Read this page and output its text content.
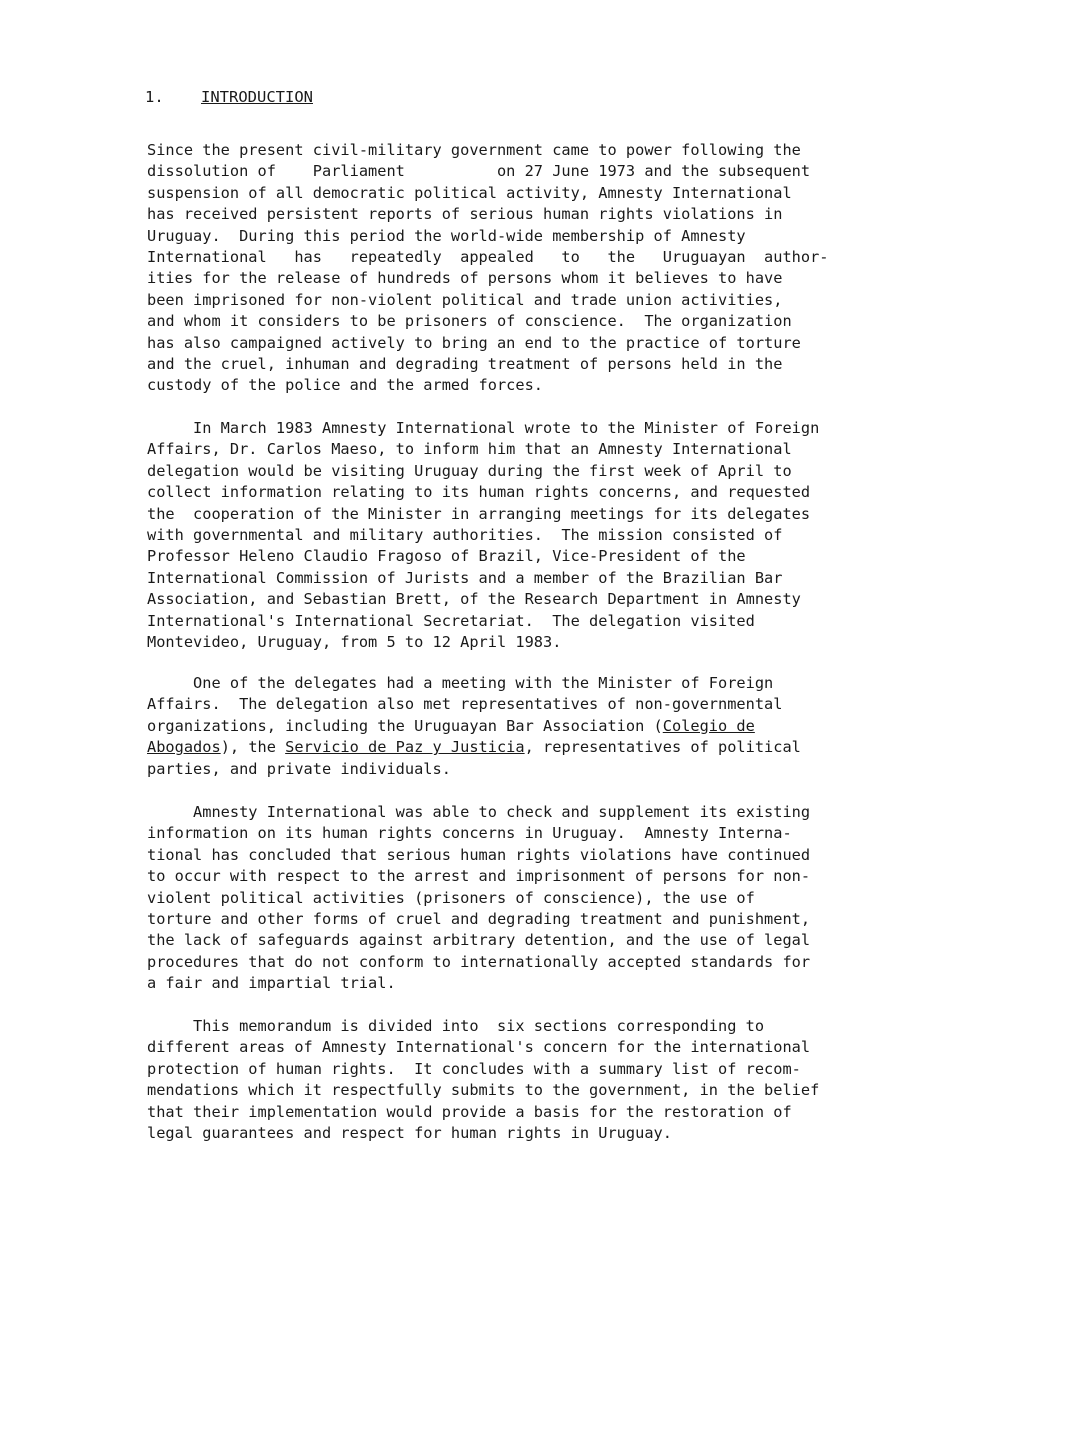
1. INTRODUCTION
Since the present civil-military government came to power following the
dissolution of    Parliament          on 27 June 1973 and the subsequent
suspension of all democratic political activity, Amnesty International
has received persistent reports of serious human rights violations in
Uruguay.  During this period the world-wide membership of Amnesty
International   has   repeatedly  appealed   to   the   Uruguayan  author-
ities for the release of hundreds of persons whom it believes to have
been imprisoned for non-violent political and trade union activities,
and whom it considers to be prisoners of conscience.  The organization
has also campaigned actively to bring an end to the practice of torture
and the cruel, inhuman and degrading treatment of persons held in the
custody of the police and the armed forces.
In March 1983 Amnesty International wrote to the Minister of Foreign
Affairs, Dr. Carlos Maeso, to inform him that an Amnesty International
delegation would be visiting Uruguay during the first week of April to
collect information relating to its human rights concerns, and requested
the  cooperation of the Minister in arranging meetings for its delegates
with governmental and military authorities.  The mission consisted of
Professor Heleno Claudio Fragoso of Brazil, Vice-President of the
International Commission of Jurists and a member of the Brazilian Bar
Association, and Sebastian Brett, of the Research Department in Amnesty
International's International Secretariat.  The delegation visited
Montevideo, Uruguay, from 5 to 12 April 1983.
One of the delegates had a meeting with the Minister of Foreign
Affairs.  The delegation also met representatives of non-governmental
organizations, including the Uruguayan Bar Association (Colegio de
Abogados), the Servicio de Paz y Justicia, representatives of political
parties, and private individuals.
Amnesty International was able to check and supplement its existing
information on its human rights concerns in Uruguay.  Amnesty Interna-
tional has concluded that serious human rights violations have continued
to occur with respect to the arrest and imprisonment of persons for non-
violent political activities (prisoners of conscience), the use of
torture and other forms of cruel and degrading treatment and punishment,
the lack of safeguards against arbitrary detention, and the use of legal
procedures that do not conform to internationally accepted standards for
a fair and impartial trial.
This memorandum is divided into  six sections corresponding to
different areas of Amnesty International's concern for the international
protection of human rights.  It concludes with a summary list of recom-
mendations which it respectfully submits to the government, in the belief
that their implementation would provide a basis for the restoration of
legal guarantees and respect for human rights in Uruguay.
